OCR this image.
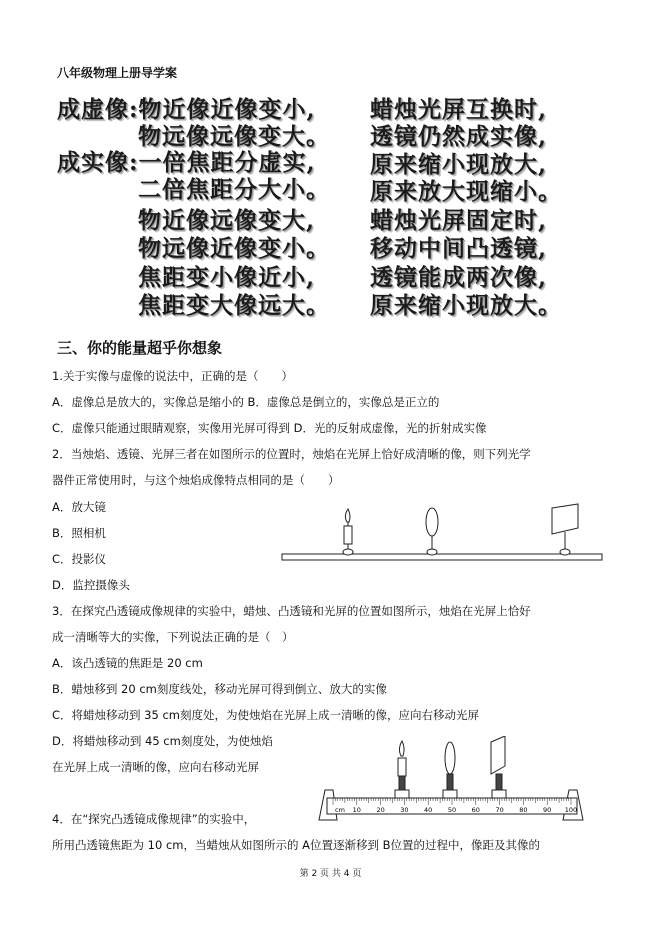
八年级物理上册导学案
成虚像:物近像近像变小,
物远像远像变大。
成实像:一倍焦距分虚实,
二倍焦距分大小。
物近像远像变大,
物远像近像变小。
焦距变小像近小,
焦距变大像远大。
蜡烛光屏互换时,
透镜仍然成实像,
原来缩小现放大,
原来放大现缩小。
蜡烛光屏固定时,
移动中间凸透镜,
透镜能成两次像,
原来缩小现放大。
三、你的能量超乎你想象
1.关于实像与虚像的说法中，正确的是（　　）
A．虚像总是放大的，实像总是缩小的 B．虚像总是倒立的，实像总是正立的
C．虚像只能通过眼睛观察，实像用光屏可得到 D．光的反射成虚像，光的折射成实像
2．当烛焰、透镜、光屏三者在如图所示的位置时，烛焰在光屏上恰好成清晰的像，则下列光学
器件正常使用时，与这个烛焰成像特点相同的是（　　）
A．放大镜
B．照相机
C．投影仪
D．监控摄像头
3．在探究凸透镜成像规律的实验中，蜡烛、凸透镜和光屏的位置如图所示，烛焰在光屏上恰好
成一清晰等大的实像，下列说法正确的是（　）
A．该凸透镜的焦距是 20 cm
B．蜡烛移到 20 cm刻度线处，移动光屏可得到倒立、放大的实像
C．将蜡烛移动到 35 cm刻度处，为使烛焰在光屏上成一清晰的像，应向右移动光屏
D．将蜡烛移动到 45 cm刻度处，为使烛焰
在光屏上成一清晰的像，应向右移动光屏
cm 10 20 30 40 50 60 70 80 90 100
4．在“探究凸透镜成像规律”的实验中，
所用凸透镜焦距为 10 cm，当蜡烛从如图所示的 A位置逐渐移到 B位置的过程中，像距及其像的
第 2 页 共 4 页
